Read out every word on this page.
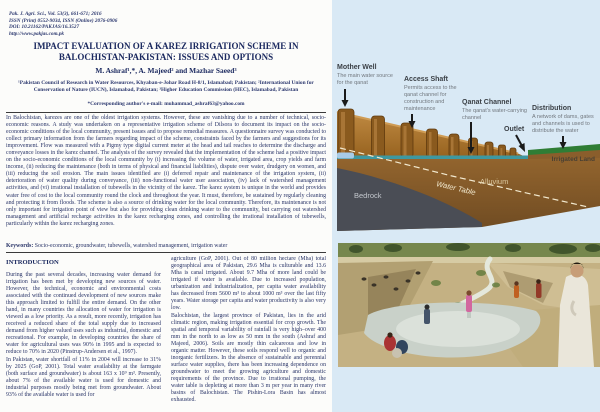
Pak. J. Agri. Sci., Vol. 53(3), 661-671; 2016
ISSN (Print) 0552-9034, ISSN (Online) 2076-0906
DOI: 10.21162/PAKJAS/16.3527
http://www.pakjas.com.pk
IMPACT EVALUATION OF A KAREZ IRRIGATION SCHEME IN BALOCHISTAN-PAKISTAN: ISSUES AND OPTIONS
M. Ashraf¹,*, A. Majeed² and Mazhar Saeed³
¹Pakistan Council of Research in Water Resources, Khyaban-e-Johar Road H-8/1, Islamabad; Pakistan; ²International Union for Conservation of Nature (IUCN), Islamabad, Pakistan; ³Higher Education Commission (HEC), Islamabad, Pakistan
*Corresponding author's e-mail: muhammad_ashraf63@yahoo.com
In Balochistan, karezes are one of the oldest irrigation systems. However, these are vanishing due to a number of technical, socio-economic reasons. A study was undertaken on a representative irrigation scheme of Dilsora to document its impact on the socio-economic conditions of the local community, present issues and to propose remedial measures. A questionnaire survey was conducted to collect primary information from the farmers regarding impact of the scheme, constraints faced by the farmers and suggestions for its improvement. Flow was measured with a Pigmy type digital current meter at the head and tail reaches to determine the discharge and conveyance losses in the karez channel. The analysis of the survey revealed that the implementation of the scheme had a positive impact on the socio-economic conditions of the local community by (i) increasing the volume of water, irrigated area, crop yields and farm income, (ii) reducing the maintenance (both in terms of physical and financial liabilities), dispute over water, drudgery on women, and (iii) reducing the soil erosion. The main issues identified are (i) deferred repair and maintenance of the irrigation system, (ii) deterioration of water quality during conveyance, (iii) non-functional water user association, (iv) lack of watershed management activities, and (vi) irrational installation of tubewells in the vicinity of the karez. The karez system is unique in the world and provides water free of cost to the local community round the clock and throughout the year. It must, therefore, be sustained by regularly cleaning and protecting it from floods. The scheme is also a source of drinking water for the local community. Therefore, its maintenance is not only important for irrigation point of view but also for providing clean drinking water to the community, but carrying out watershed management and artificial recharge activities in the karez recharging zones, and controlling the irrational installation of tubewells, particularly within the karez recharging zones.
Keywords: Socio-economic, groundwater, tubewells, watershed management, irrigation water
INTRODUCTION

During the past several decades, increasing water demand for irrigation has been met by developing new sources of water. However, the technical, economic and environmental costs associated with the continued development of new sources make this approach limited to fulfill the entire demand. On the other hand, in many countries the allocation of water for irrigation is viewed as a low priority. As a result, more recently, irrigation has received a reduced share of the total supply due to increased demand from higher valued uses such as industrial, domestic and recreational. For example, in developing countries the share of water for agricultural uses was 90% in 1995 and is expected to reduce to 70% in 2020 (Pinstrup-Andersen et al., 1997).

In Pakistan, water shortfall of 11% in 2004 will increase to 31% by 2025 (GoP, 2001). Total water availability at the farmgate (both surface and groundwater) is about 163 x 10⁹ m³. Presently, about 7% of the available water is used for domestic and industrial purposes mostly being met from groundwater. About 93% of the available water is used for

agriculture (GoP, 2001). Out of 80 million hectare (Mha) total geographical area of Pakistan, 29.6 Mha is culturable and 13.6 Mha is canal irrigated. About 9.7 Mha of more land could be irrigated if water is available. Due to increased population, urbanization and industrialization, per capita water availability has decreased from 5600 m³ to about 1000 m³ over the last fifty years. Water storage per capita and water productivity is also very low.

Balochistan, the largest province of Pakistan, lies in the arid climatic region, making irrigation essential for crop growth. The spatial and temporal variability of rainfall is very high–over 400 mm in the north to as low as 50 mm in the south (Ashraf and Majeed, 2006). Soils are mostly thin calcareous and low in organic matter. However, these soils respond well to organic and inorganic fertilizers. In the absence of sustainable and perennial surface water supplies, there has been increasing dependence on groundwater to meet the growing agriculture and domestic requirements of the province. Due to irrational pumping, the water table is depleting at more than 3 m per year in many river basins of Balochistan. The Pishin-Lora Basin has almost exhausted.

Alluvium
Bedrock	Water Table
Irrigated Land
Mother Well
The main water source
for the qanat	Access Shaft
Permits access to the
qanat channel for
construction and
maintenance
Qanat Channel
The qanat's water-carrying
channel
Outlet
Distribution
A network of dams, gates
and channels is used to
distribute the water
